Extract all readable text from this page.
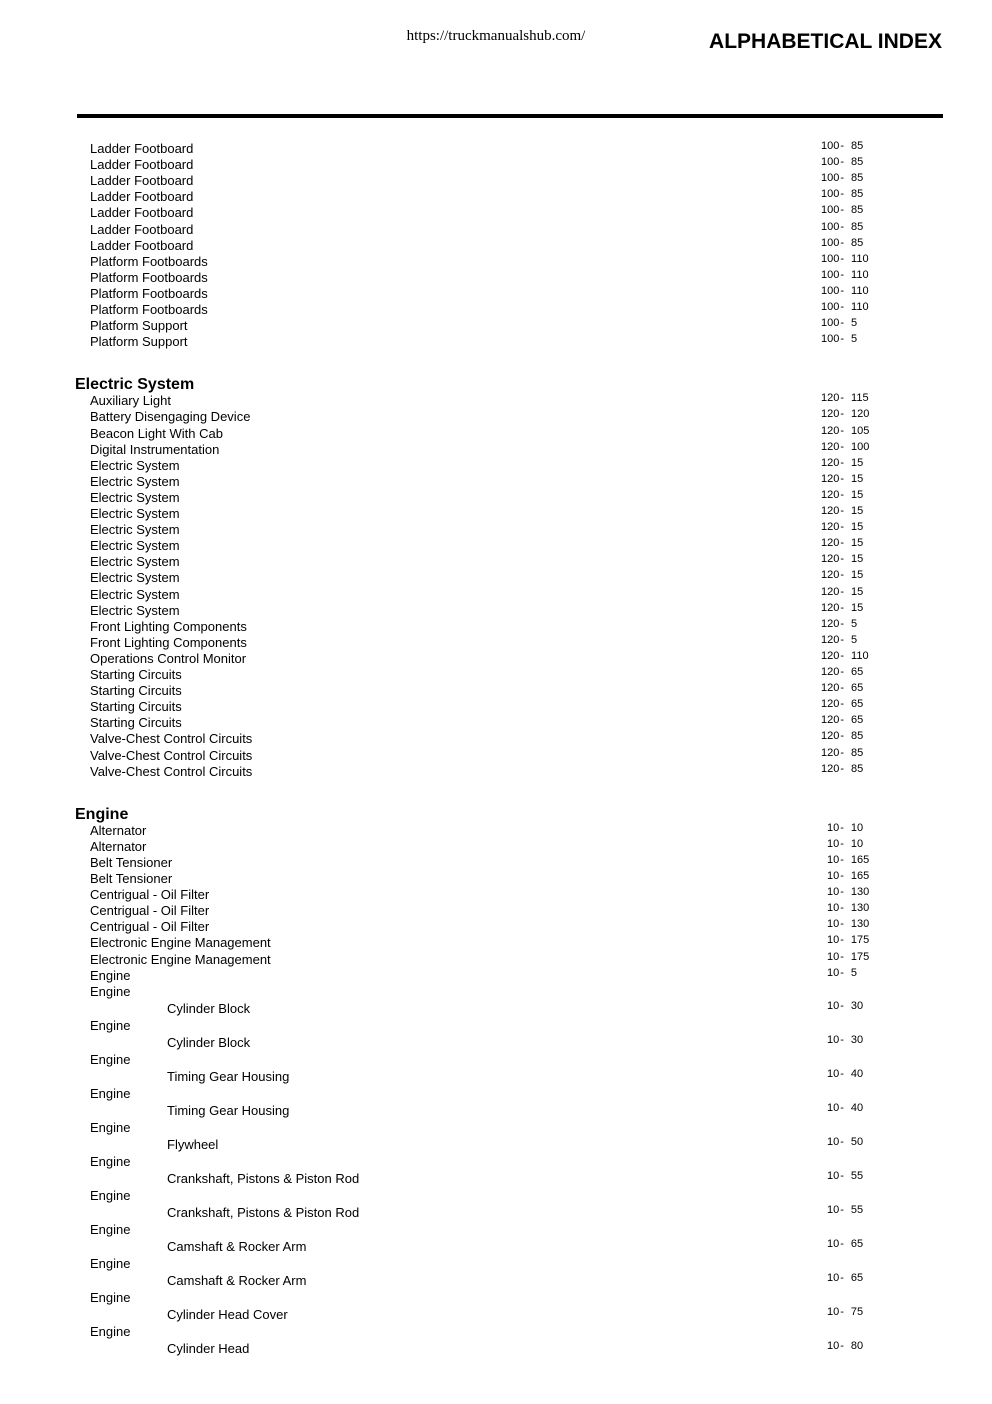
https://truckmanualshub.com/	ALPHABETICAL INDEX
Ladder Footboard	100- 85
Ladder Footboard	100- 85
Ladder Footboard	100- 85
Ladder Footboard	100- 85
Ladder Footboard	100- 85
Ladder Footboard	100- 85
Ladder Footboard	100- 85
Platform Footboards	100- 110
Platform Footboards	100- 110
Platform Footboards	100- 110
Platform Footboards	100- 110
Platform Support	100- 5
Platform Support	100- 5
Electric System
Auxiliary Light	120- 115
Battery Disengaging Device	120- 120
Beacon Light With Cab	120- 105
Digital Instrumentation	120- 100
Electric System	120- 15
Electric System	120- 15
Electric System	120- 15
Electric System	120- 15
Electric System	120- 15
Electric System	120- 15
Electric System	120- 15
Electric System	120- 15
Electric System	120- 15
Electric System	120- 15
Front Lighting Components	120- 5
Front Lighting Components	120- 5
Operations Control Monitor	120- 110
Starting Circuits	120- 65
Starting Circuits	120- 65
Starting Circuits	120- 65
Starting Circuits	120- 65
Valve-Chest Control Circuits	120- 85
Valve-Chest Control Circuits	120- 85
Valve-Chest Control Circuits	120- 85
Engine
Alternator	10- 10
Alternator	10- 10
Belt Tensioner	10- 165
Belt Tensioner	10- 165
Centrigual - Oil Filter	10- 130
Centrigual - Oil Filter	10- 130
Centrigual - Oil Filter	10- 130
Electronic Engine Management	10- 175
Electronic Engine Management	10- 175
Engine	10- 5
Engine
Cylinder Block	10- 30
Engine
Cylinder Block	10- 30
Engine
Timing Gear Housing	10- 40
Engine
Timing Gear Housing	10- 40
Engine
Flywheel	10- 50
Engine
Crankshaft, Pistons & Piston Rod	10- 55
Engine
Crankshaft, Pistons & Piston Rod	10- 55
Engine
Camshaft & Rocker Arm	10- 65
Engine
Camshaft & Rocker Arm	10- 65
Engine
Cylinder Head Cover	10- 75
Engine
Cylinder Head	10- 80
